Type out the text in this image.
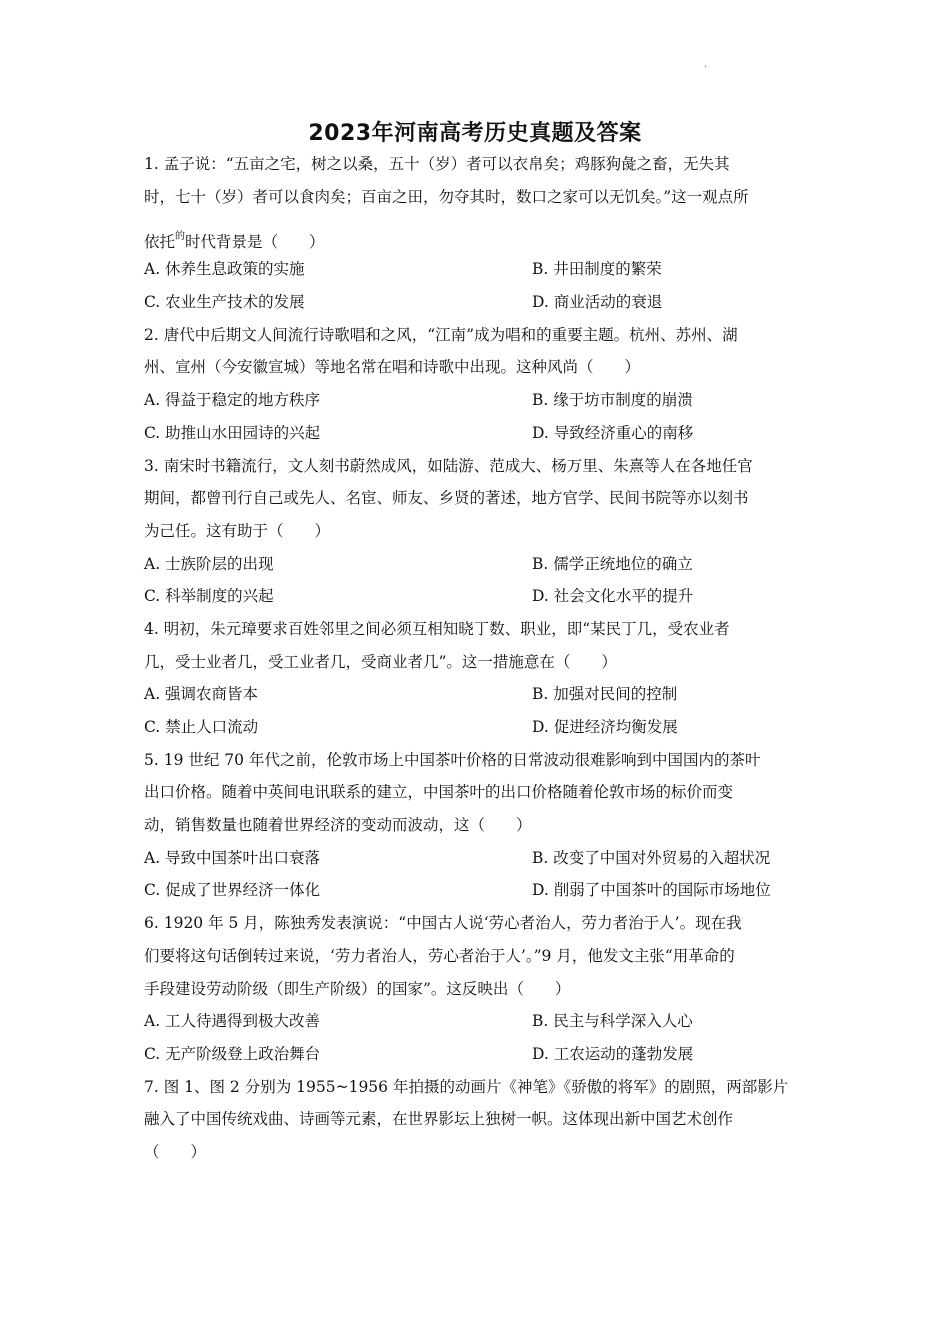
·
2023年河南高考历史真题及答案
1. 孟子说：“五亩之宅，树之以桑，五十（岁）者可以衣帛矣；鸡豚狗彘之畜，无失其
时，七十（岁）者可以食肉矣；百亩之田，勿夺其时，数口之家可以无饥矣。”这一观点所
依托$^的$时代背景是（　　）
A. 休养生息政策的实施	B. 井田制度的繁荣
C. 农业生产技术的发展	D. 商业活动的衰退
2. 唐代中后期文人间流行诗歌唱和之风，“江南”成为唱和的重要主题。杭州、苏州、湖
州、宣州（今安徽宣城）等地名常在唱和诗歌中出现。这种风尚（　　）
A. 得益于稳定的地方秩序	B. 缘于坊市制度的崩溃
C. 助推山水田园诗的兴起	D. 导致经济重心的南移
3. 南宋时书籍流行，文人刻书蔚然成风，如陆游、范成大、杨万里、朱熹等人在各地任官
期间，都曾刊行自己或先人、名宦、师友、乡贤的著述，地方官学、民间书院等亦以刻书
为己任。这有助于（　　）
A. 士族阶层的出现	B. 儒学正统地位的确立
C. 科举制度的兴起	D. 社会文化水平的提升
4. 明初，朱元璋要求百姓邻里之间必须互相知晓丁数、职业，即“某民丁几，受农业者
几，受士业者几，受工业者几，受商业者几”。这一措施意在（　　）
A. 强调农商皆本	B. 加强对民间的控制
C. 禁止人口流动	D. 促进经济均衡发展
5. 19 世纪 70 年代之前，伦敦市场上中国茶叶价格的日常波动很难影响到中国国内的茶叶
出口价格。随着中英间电讯联系的建立，中国茶叶的出口价格随着伦敦市场的标价而变
动，销售数量也随着世界经济的变动而波动，这（　　）
A. 导致中国茶叶出口衰落	B. 改变了中国对外贸易的入超状况
C. 促成了世界经济一体化	D. 削弱了中国茶叶的国际市场地位
6. 1920 年 5 月，陈独秀发表演说：“中国古人说‘劳心者治人，劳力者治于人’。现在我
们要将这句话倒转过来说，‘劳力者治人，劳心者治于人’。”9 月，他发文主张“用革命的
手段建设劳动阶级（即生产阶级）的国家”。这反映出（　　）
A. 工人待遇得到极大改善	B. 民主与科学深入人心
C. 无产阶级登上政治舞台	D. 工农运动的蓬勃发展
7. 图 1、图 2 分别为 1955~1956 年拍摄的动画片《神笔》《骄傲的将军》的剧照，两部影片
融入了中国传统戏曲、诗画等元素，在世界影坛上独树一帜。这体现出新中国艺术创作
（　　）
